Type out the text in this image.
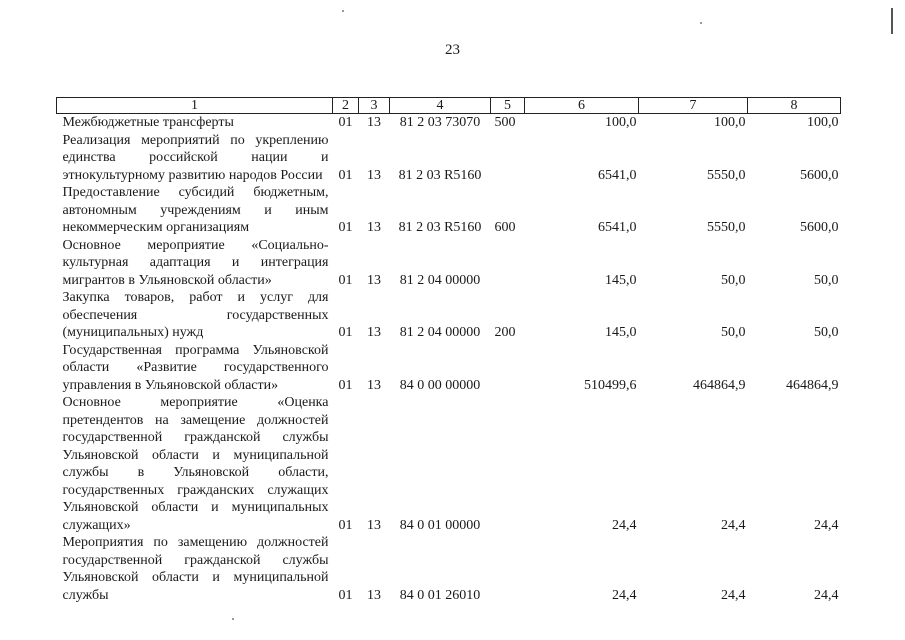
23
1	2	3	4	5	6	7	8
Межбюджетные трансферты	01	13	81 2 03 73070	500	100,0	100,0	100,0
Реализация мероприятий по укреплению единства российской нации и этнокультурному развитию народов России	01	13	81 2 03 R5160		6541,0	5550,0	5600,0
Предоставление субсидий бюджетным, автономным учреждениям и иным некоммерческим организациям	01	13	81 2 03 R5160	600	6541,0	5550,0	5600,0
Основное мероприятие «Социально-культурная адаптация и интеграция мигрантов в Ульяновской области»	01	13	81 2 04 00000		145,0	50,0	50,0
Закупка товаров, работ и услуг для обеспечения государственных (муниципальных) нужд	01	13	81 2 04 00000	200	145,0	50,0	50,0
Государственная программа Ульяновской области «Развитие государственного управления в Ульяновской области»	01	13	84 0 00 00000		510499,6	464864,9	464864,9
Основное мероприятие «Оценка претендентов на замещение должностей государственной гражданской службы Ульяновской области и муниципальной службы в Ульяновской области, государственных гражданских служащих Ульяновской области и муниципальных служащих»	01	13	84 0 01 00000		24,4	24,4	24,4
Мероприятия по замещению должностей государственной гражданской службы Ульяновской области и муниципальной службы	01	13	84 0 01 26010		24,4	24,4	24,4
